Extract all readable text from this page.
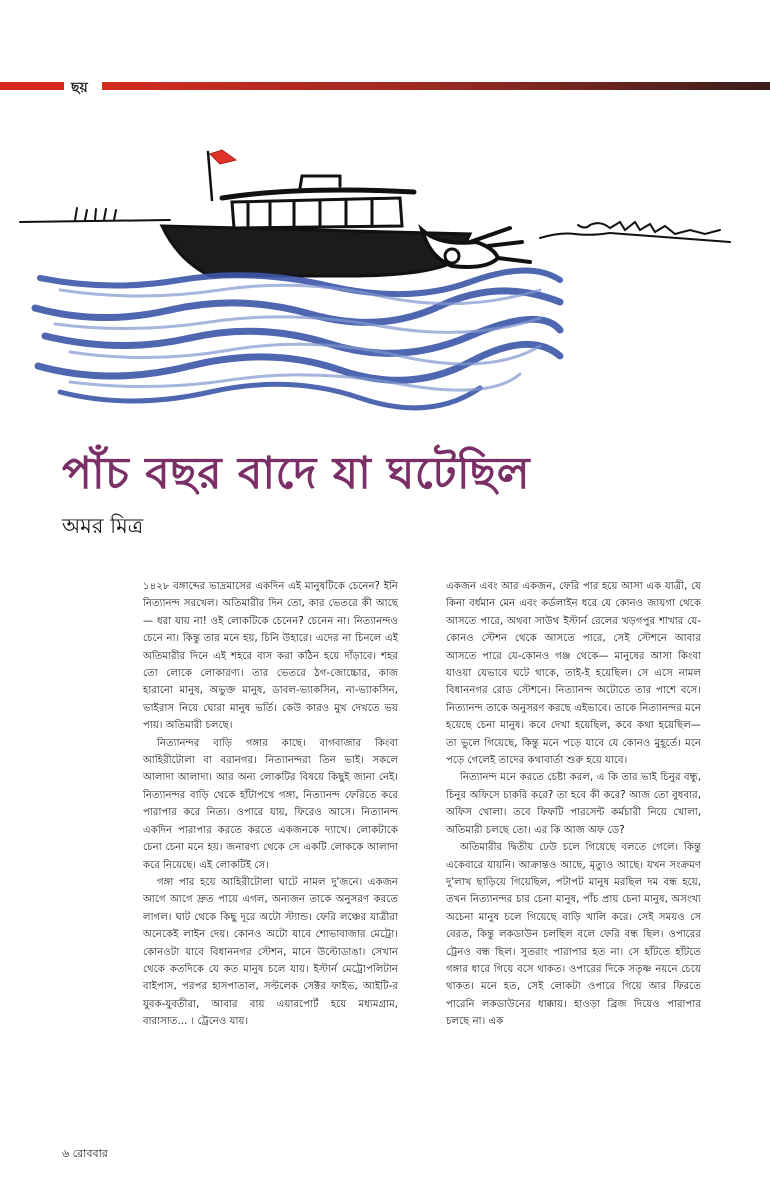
ছয়
পাঁচ বছর বাদে যা ঘটেছিল
অমর মিত্র

১৪২৮ বঙ্গাব্দের ভাদ্রমাসের একদিন এই মানুষটিকে চেনেন? ইনি নিত্যানন্দ সরখেল। অতিমারীর দিন তো, কার ভেতরে কী আছে— ধরা যায় না! ওই লোকটিকে চেনেন? চেনেন না। নিত্যানন্দও চেনে না। কিন্তু তার মনে হয়, চিনি উহারে। এদের না চিনলে এই অতিমারীর দিনে এই শহরে বাস করা কঠিন হয়ে দাঁড়াবে। শহর তো লোকে লোকারণ্য। তার ভেতরে ঠগ-জোচ্চোর, কাজ হারানো মানুষ, অভুক্ত মানুষ, ডাবল-ভ্যাকসিন, না-ভ্যাকসিন, ভাইরাস নিয়ে ঘোরা মানুষ ভর্তি। কেউ কারও মুখ দেখতে ভয় পায়। অতিমারী চলছে।

নিত্যানন্দর বাড়ি গঙ্গার কাছে। বাগবাজার কিংবা আহিরীটোলা বা বরানগর। নিত্যানন্দরা তিন ভাই। সকলে আলাদা আলাদা। আর অন্য লোকটির বিষয়ে কিছুই জানা নেই। নিত্যানন্দর বাড়ি থেকে হাঁটাপথে গঙ্গা, নিত্যানন্দ ফেরিতে করে পারাপার করে নিত্য। ওপারে যায়, ফিরেও আসে। নিত্যানন্দ একদিন পারাপার করতে করতে একজনকে দ্যাখে। লোকটাকে চেনা চেনা মনে হয়। জনারণ্য থেকে সে একটি লোককে আলাদা করে নিয়েছে। এই লোকটিই সে।

গঙ্গা পার হয়ে আহিরীটোলা ঘাটে নামল দু'জনে। একজন আগে আগে দ্রুত পায়ে এগল, অন্যজন তাকে অনুসরণ করতে লাগল। ঘাট থেকে কিছু দূরে অটো স্ট্যান্ড। ফেরি লঞ্চের যাত্রীরা অনেকেই লাইন দেয়। কোনও অটো যাবে শোভাবাজার মেট্রো। কোনওটা যাবে বিধাননগর স্টেশন, মানে উল্টোডাঙা। সেখান থেকে কতদিকে যে কত মানুষ চলে যায়। ইস্টার্ন মেট্রোপলিটান বাইপাস, পরপর হাসপাতাল, সল্টলেক সেক্টর ফাইভ, আইটি-র যুবক-যুবতীরা, আবার বায় এয়ারপোর্ট হয়ে মধ্যমগ্রাম, বারাসাত... । ট্রেনেও যায়।

একজন এবং আর একজন, ফেরি পার হয়ে আসা এক যাত্রী, যে কিনা বর্ধমান মেন এবং কর্ডলাইন ধরে যে কোনও জায়গা থেকে আসতে পারে, অথবা সাউথ ইস্টার্ন রেলের খড়গপুর শাখার যে-কোনও স্টেশন থেকে আসতে পারে, সেই স্টেশনে আবার আসতে পারে যে-কোনও গঞ্জ থেকে— মানুষের আসা কিংবা যাওয়া যেভাবে ঘটে থাকে, তাই-ই হয়েছিল। সে এসে নামল বিধাননগর রোড স্টেশনে। নিত্যানন্দ অটোতে তার পাশে বসে। নিত্যানন্দ তাকে অনুসরণ করছে এইভাবে। তাকে নিত্যানন্দর মনে হয়েছে চেনা মানুষ। কবে দেখা হয়েছিল, কবে কথা হয়েছিল— তা ভুলে গিয়েছে, কিন্তু মনে পড়ে যাবে যে কোনও মুহূর্তে। মনে পড়ে গেলেই তাদের কথাবার্তা শুরু হয়ে যাবে।

নিত্যানন্দ মনে করতে চেষ্টা করল, এ কি তার ভাই চিনুর বন্ধু, চিনুর অফিসে চাকরি করে? তা হবে কী করে? আজ তো বুধবার, অফিস খোলা। তবে ফিফটি পারসেন্ট কর্মচারী নিয়ে খোলা, অতিমারী চলছে তো। এর কি আজ অফ ডে?

অতিমারীর দ্বিতীয় ঢেউ চলে গিয়েছে বলতে গেলে। কিন্তু একেবারে যায়নি। আক্রান্তও আছে, মৃত্যুও আছে। যখন সংক্রমণ দু'লাখ ছাড়িয়ে গিয়েছিল, পটাপট মানুষ মরছিল দম বন্ধ হয়ে, তখন নিত্যানন্দর চার চেনা মানুষ, পাঁচ প্রায় চেনা মানুষ, অসংখ্য অচেনা মানুষ চলে গিয়েছে বাড়ি খালি করে। সেই সময়ও সে বেরত, কিন্তু লকডাউন চলছিল বলে ফেরি বন্ধ ছিল। ওপারের ট্রেনও বন্ধ ছিল। সুতরাং পারাপার হত না। সে হাঁটতে হাঁটতে গঙ্গার ধারে গিয়ে বসে থাকত। ওপারের দিকে সতৃষ্ণ নয়নে চেয়ে থাকত। মনে হত, সেই লোকটা ওপারে গিয়ে আর ফিরতে পারেনি লকডাউনের ধাক্কায়। হাওড়া ব্রিজ দিয়েও পারাপার চলছে না। এক

৬ রোববার
